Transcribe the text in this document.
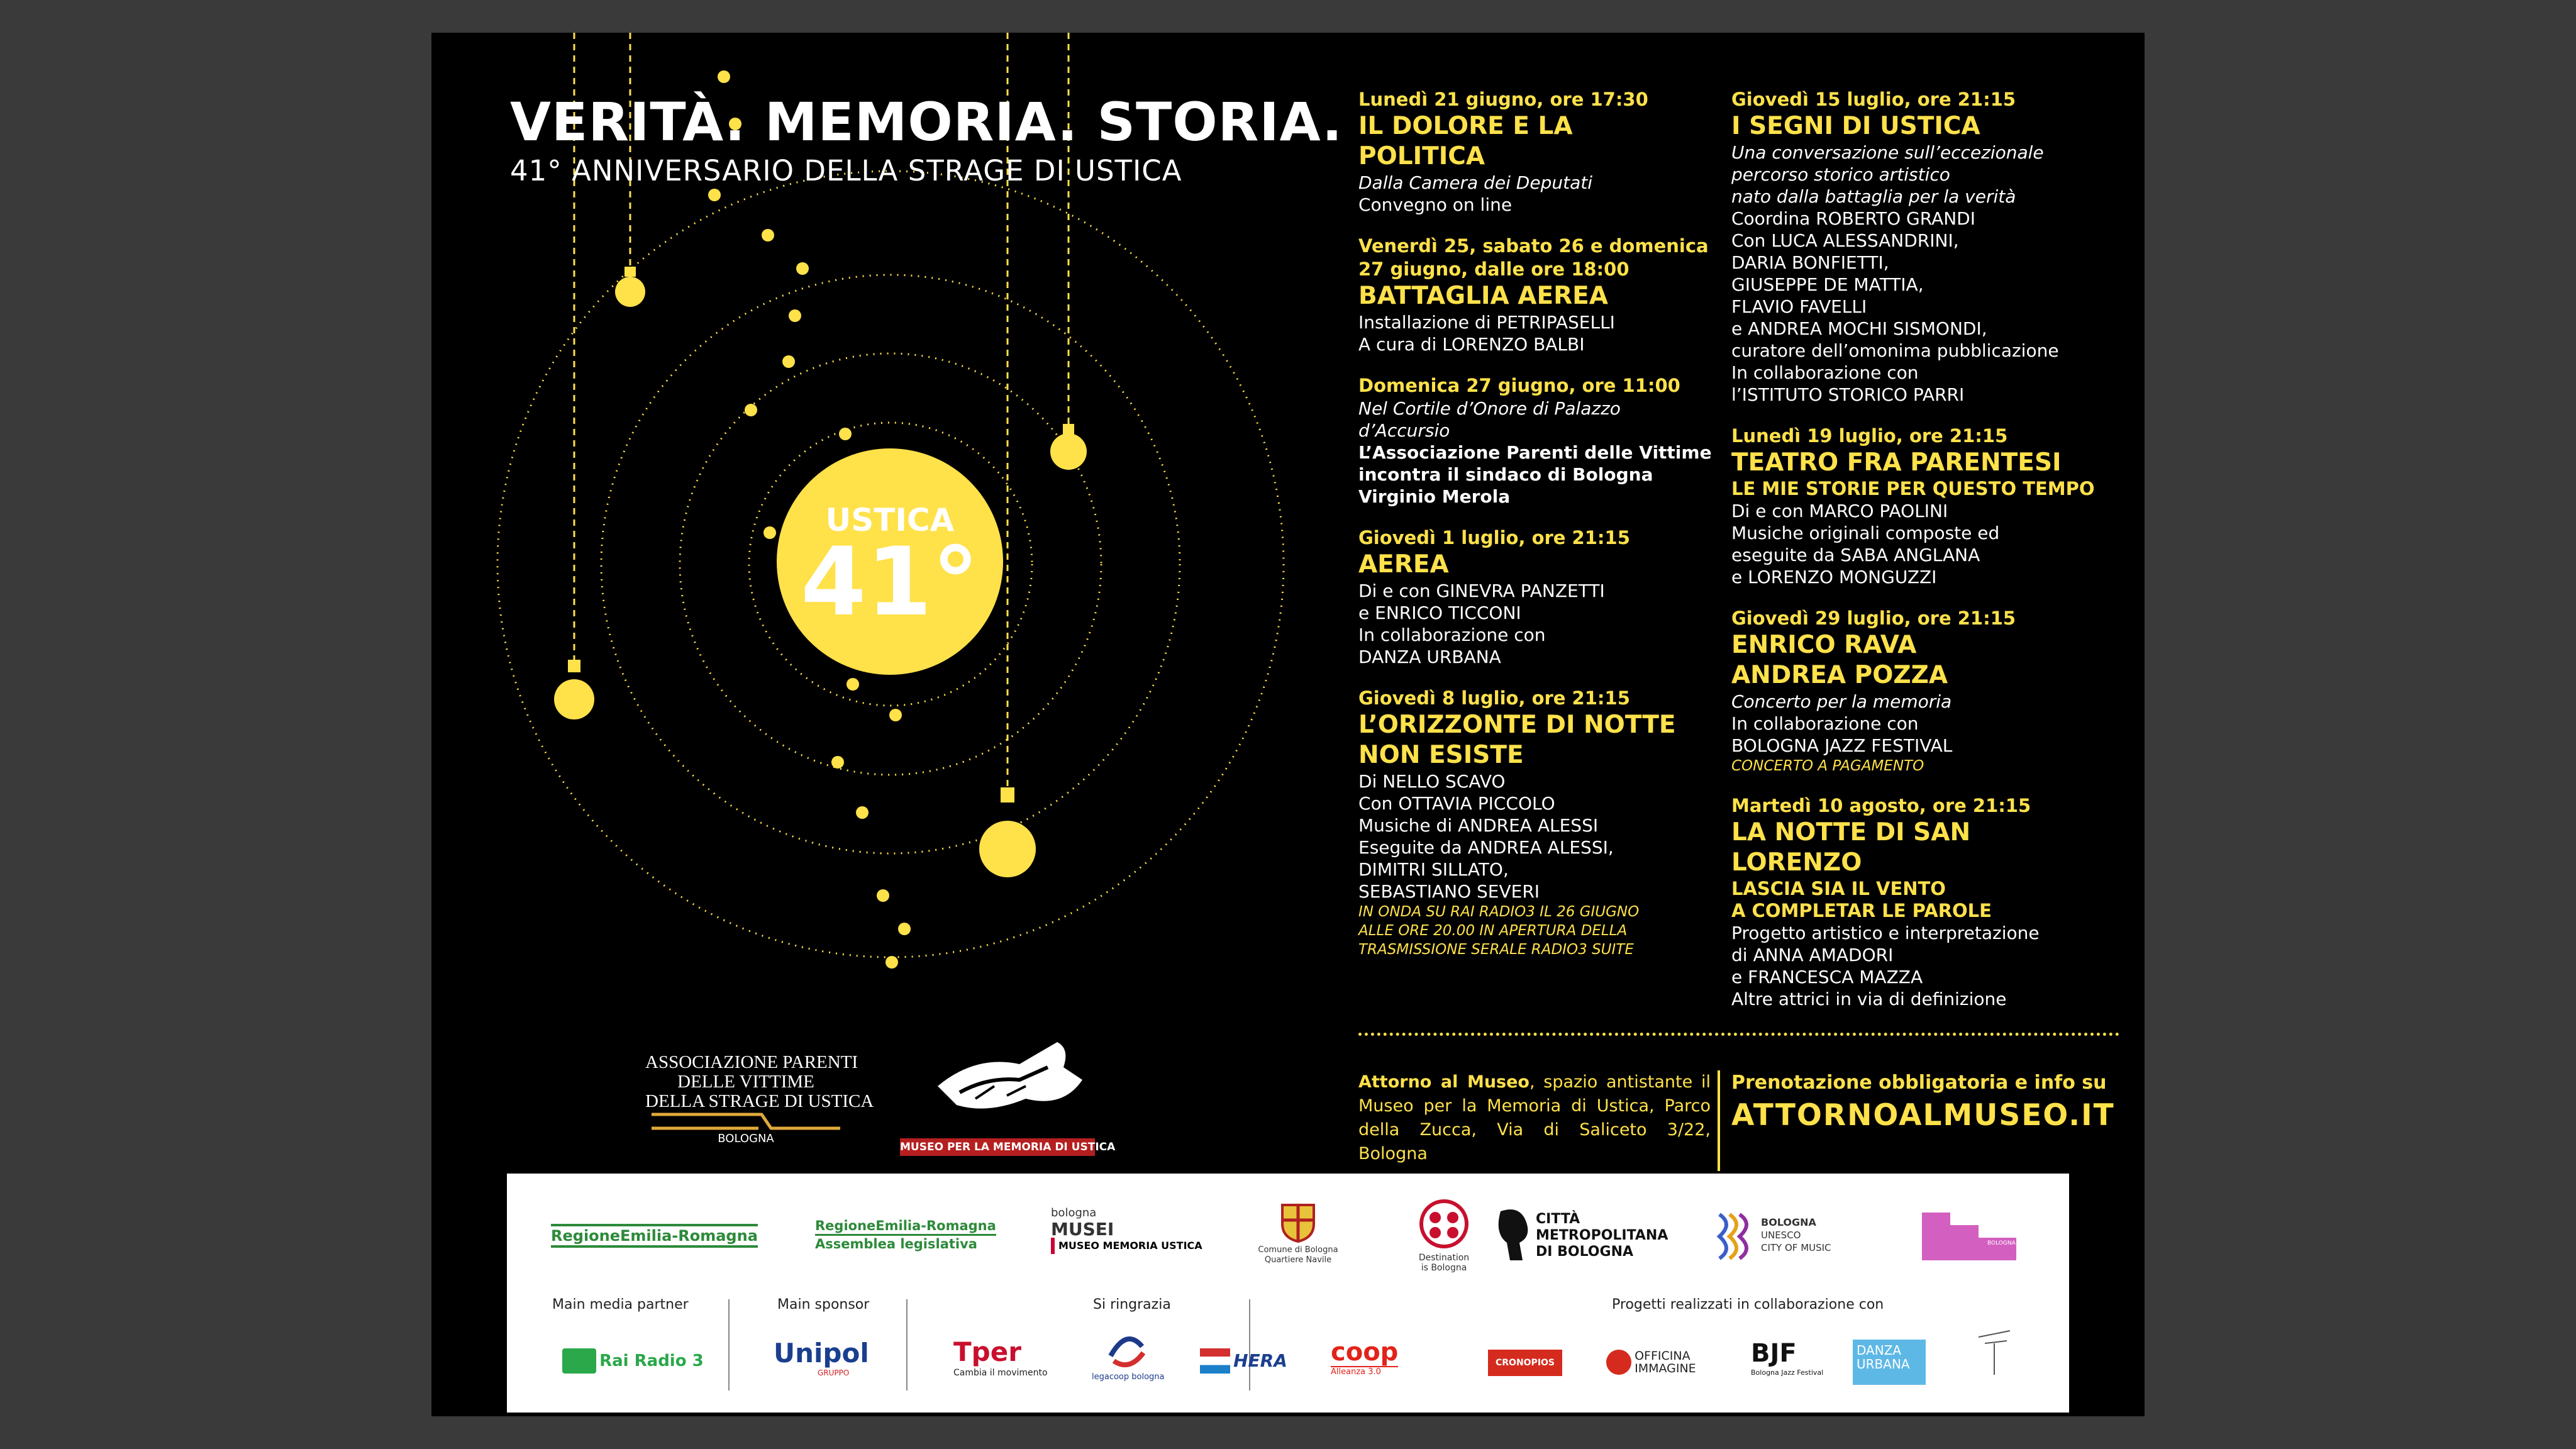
VERITÀ. MEMORIA. STORIA.
41° ANNIVERSARIO DELLA STRAGE DI USTICA
USTICA
41°
Lunedì 21 giugno, ore 17:30
IL DOLORE E LA
POLITICA
Dalla Camera dei Deputati
Convegno on line
Venerdì 25, sabato 26 e domenica 27 giugno, dalle ore 18:00
BATTAGLIA AEREA
Installazione di PETRIPASELLI
A cura di LORENZO BALBI
Domenica 27 giugno, ore 11:00
Nel Cortile d’Onore di Palazzo
d’Accursio
L’Associazione Parenti delle Vittime
incontra il sindaco di Bologna
Virginio Merola
Giovedì 1 luglio, ore 21:15
AEREA
Di e con GINEVRA PANZETTI
e ENRICO TICCONI
In collaborazione con
DANZA URBANA
Giovedì 8 luglio, ore 21:15
L’ORIZZONTE DI NOTTE
NON ESISTE
Di NELLO SCAVO
Con OTTAVIA PICCOLO
Musiche di ANDREA ALESSI
Eseguite da ANDREA ALESSI,
DIMITRI SILLATO,
SEBASTIANO SEVERI
IN ONDA SU RAI RADIO3 IL 26 GIUGNO
ALLE ORE 20.00 IN APERTURA DELLA
TRASMISSIONE SERALE RADIO3 SUITE
Giovedì 15 luglio, ore 21:15
I SEGNI DI USTICA
Una conversazione sull’eccezionale
percorso storico artistico
nato dalla battaglia per la verità
Coordina ROBERTO GRANDI
Con LUCA ALESSANDRINI,
DARIA BONFIETTI,
GIUSEPPE DE MATTIA,
FLAVIO FAVELLI
e ANDREA MOCHI SISMONDI,
curatore dell’omonima pubblicazione
In collaborazione con
l’ISTITUTO STORICO PARRI
Lunedì 19 luglio, ore 21:15
TEATRO FRA PARENTESI
LE MIE STORIE PER QUESTO TEMPO
Di e con MARCO PAOLINI
Musiche originali composte ed
eseguite da SABA ANGLANA
e LORENZO MONGUZZI
Giovedì 29 luglio, ore 21:15
ENRICO RAVA
ANDREA POZZA
Concerto per la memoria
In collaborazione con
BOLOGNA JAZZ FESTIVAL
CONCERTO A PAGAMENTO
Martedì 10 agosto, ore 21:15
LA NOTTE DI SAN LORENZO
LASCIA SIA IL VENTO
A COMPLETAR LE PAROLE
Progetto artistico e interpretazione
di ANNA AMADORI
e FRANCESCA MAZZA
Altre attrici in via di definizione
Attorno al Museo, spazio antistante il Museo per la Memoria di Ustica, Parco della Zucca, Via di Saliceto 3/22, Bologna
Prenotazione obbligatoria e info su
ATTORNOALMUSEO.IT
ASSOCIAZIONE PARENTI
DELLE VITTIME
DELLA STRAGE DI USTICA
BOLOGNA
MUSEO PER LA MEMORIA DI USTICA
RegioneEmilia-Romagna
RegioneEmilia-Romagna
Assemblea legislativa
bologna
MUSEI
MUSEO MEMORIA USTICA	Comune di Bologna
Quartiere Navile	Destination
is Bologna
CITTÀ
METROPOLITANA
DI BOLOGNA
BOLOGNA
UNESCO
CITY OF MUSIC	BOLOGNA ESTATE
Main media partner	Main sponsor	Si ringrazia	Progetti realizzati in collaborazione con
Rai Radio 3	Unipol
GRUPPO
Tper
Cambia il movimento	legacoop bologna
HERA coop
Alleanza 3.0
CRONOPIOS
	OFFICINA
IMMAGINE
BJF
Bologna Jazz Festival
DANZA
URBANA
